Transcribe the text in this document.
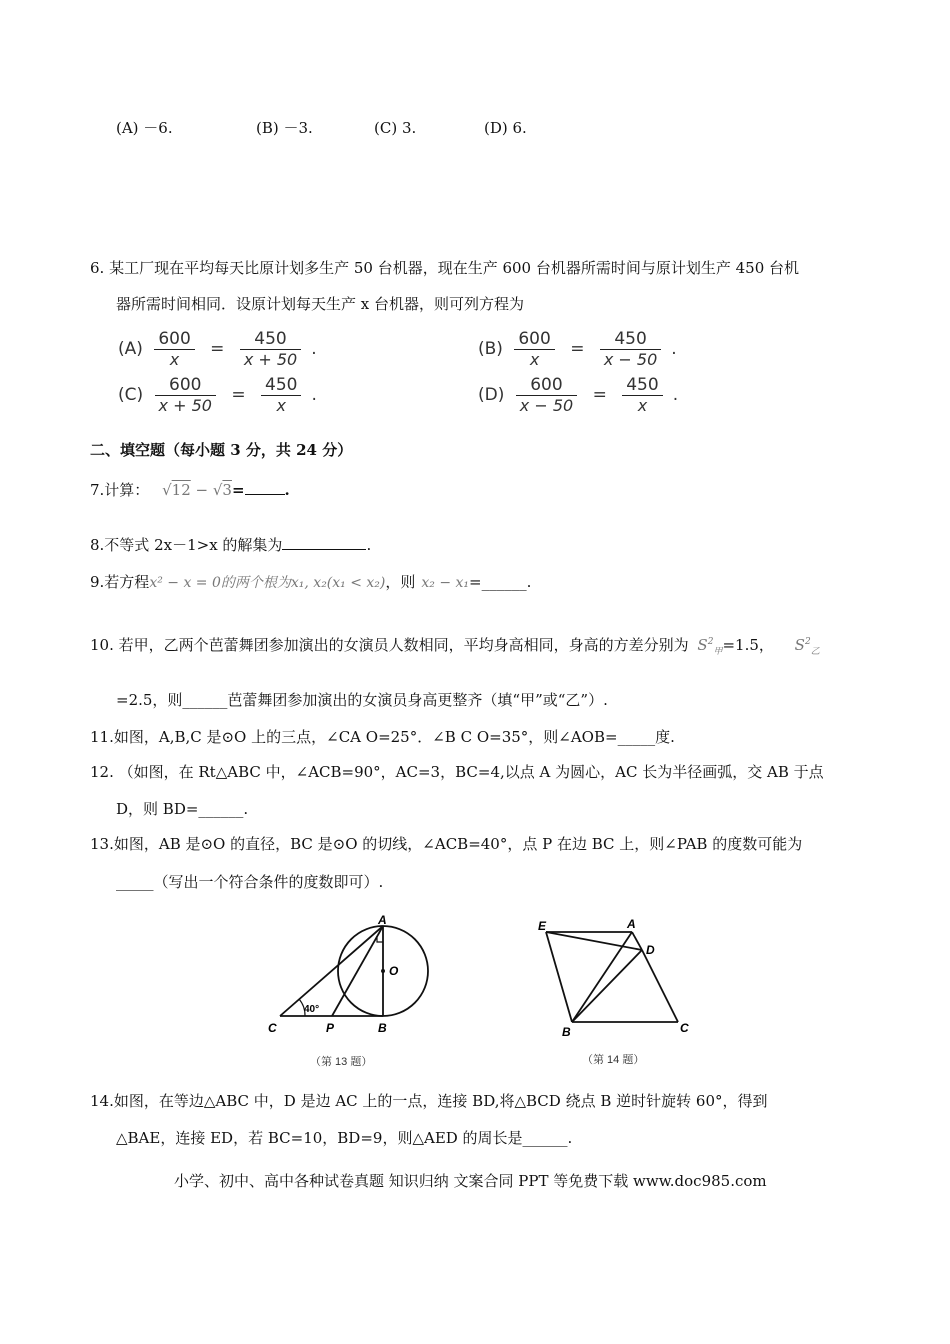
(A) －6.	(B) －3.	(C) 3.	(D) 6.
6. 某工厂现在平均每天比原计划多生产 50 台机器，现在生产 600 台机器所需时间与原计划生产 450 台机
器所需时间相同．设原计划每天生产 x 台机器，则可列方程为
$(A) \frac{600}{x} = \frac{450}{x + 50}$ .	$(B) \frac{600}{x} = \frac{450}{x - 50}$ .
$(C) \frac{600}{x + 50} = \frac{450}{x}$ .	$(D) \frac{600}{x - 50} = \frac{450}{x}$ .
二、填空题（每小题 3 分，共 24 分）
7.计算： √12 − √3=	.
8.不等式 2x－1>x 的解集为	.
9.若方程x² − x = 0的两个根为x₁, x₂(x₁ < x₂)，则 x₂ − x₁=______.
10. 若甲，乙两个芭蕾舞团参加演出的女演员人数相同，平均身高相同，身高的方差分别为 $S^2_甲=1.5$， $S^2_乙$
=2.5，则______芭蕾舞团参加演出的女演员身高更整齐（填“甲”或“乙”）.
11.如图，A,B,C 是⊙O 上的三点，∠CA O=25°．∠B C O=35°，则∠AOB=_____度.
12. （如图，在 Rt△ABC 中，∠ACB=90°，AC=3，BC=4,以点 A 为圆心，AC 长为半径画弧，交 AB 于点
D，则 BD=______.
13.如图，AB 是⊙O 的直径，BC 是⊙O 的切线，∠ACB=40°，点 P 在边 BC 上，则∠PAB 的度数可能为
_____（写出一个符合条件的度数即可）.
A
O
C	P	B
40°
（第 13 题）
E	A
D
B	C
（第 14 题）
14.如图，在等边△ABC 中，D 是边 AC 上的一点，连接 BD,将△BCD 绕点 B 逆时针旋转 60°，得到
△BAE，连接 ED，若 BC=10，BD=9，则△AED 的周长是______.
小学、初中、高中各种试卷真题 知识归纳 文案合同 PPT 等免费下载 www.doc985.com
